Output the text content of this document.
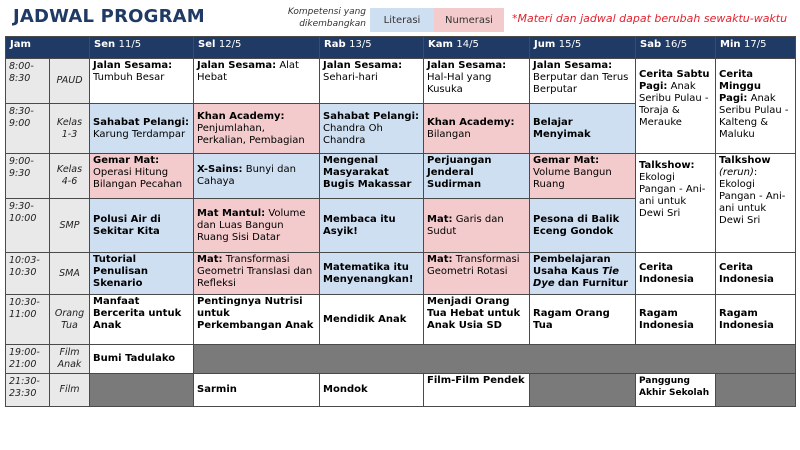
JADWAL PROGRAM	Kompetensi yang dikembangkan	Literasi	Numerasi	*Materi dan jadwal dapat berubah sewaktu-waktu
Jam		Sen 11/5	Sel 12/5	Rab 13/5	Kam 14/5	Jum 15/5	Sab 16/5	Min 17/5
8:00-8:30	PAUD	Jalan Sesama: Tumbuh Besar	Jalan Sesama: Alat Hebat	Jalan Sesama: Sehari-hari	Jalan Sesama: Hal-Hal yang Kusuka	Jalan Sesama: Berputar dan Terus Berputar	Cerita Sabtu Pagi: Anak Seribu Pulau - Toraja & Merauke	Cerita Minggu Pagi: Anak Seribu Pulau - Kalteng & Maluku
8:30-9:00	Kelas 1-3	Sahabat Pelangi: Karung Terdampar	Khan Academy: Penjumlahan, Perkalian, Pembagian	Sahabat Pelangi: Chandra Oh Chandra	Khan Academy: Bilangan	Belajar Menyimak		
9:00-9:30	Kelas 4-6	Gemar Mat: Operasi Hitung Bilangan Pecahan	X-Sains: Bunyi dan Cahaya	Mengenal Masyarakat Bugis Makassar	Perjuangan Jenderal Sudirman	Gemar Mat: Volume Bangun Ruang	Talkshow: Ekologi Pangan - Ani-ani untuk Dewi Sri	Talkshow (rerun): Ekologi Pangan - Ani-ani untuk Dewi Sri
9:30-10:00	SMP	Polusi Air di Sekitar Kita	Mat Mantul: Volume dan Luas Bangun Ruang Sisi Datar	Membaca itu Asyik!	Mat: Garis dan Sudut	Pesona di Balik Eceng Gondok		
10:03-10:30	SMA	Tutorial Penulisan Skenario	Mat: Transformasi Geometri Translasi dan Refleksi	Matematika itu Menyenangkan!	Mat: Transformasi Geometri Rotasi	Pembelajaran Usaha Kaus Tie Dye dan Furnitur	Cerita Indonesia	Cerita Indonesia
10:30-11:00	Orang Tua	Manfaat Bercerita untuk Anak	Pentingnya Nutrisi untuk Perkembangan Anak	Mendidik Anak	Menjadi Orang Tua Hebat untuk Anak Usia SD	Ragam Orang Tua	Ragam Indonesia	Ragam Indonesia
19:00-21:00	Film Anak	Bumi Tadulako						
21:30-23:30	Film		Sarmin	Mondok	Film-Film Pendek		Panggung Akhir Sekolah	
